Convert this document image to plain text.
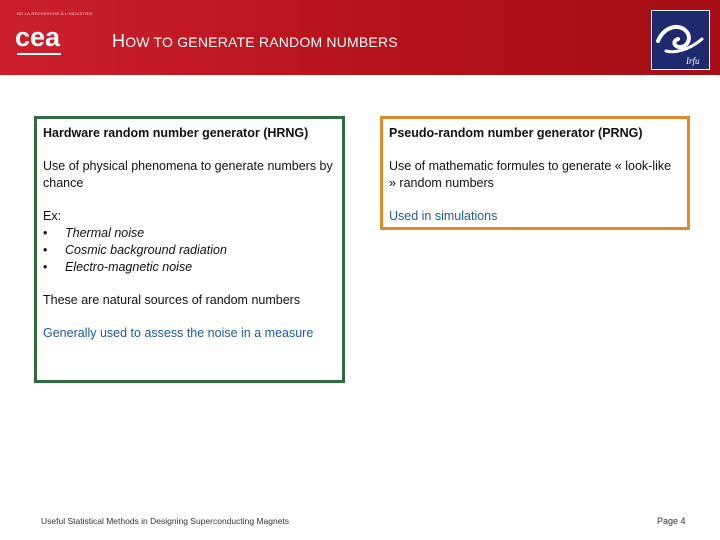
DE LA RECHERCHE À L'INDUSTRIE
cea	HOW TO GENERATE RANDOM NUMBERS
Irfu
Hardware random number generator (HRNG)
Use of physical phenomena to generate numbers by chance
Ex:
•	Thermal noise
•	Cosmic background radiation
•	Electro-magnetic noise
These are natural sources of random numbers
Generally used to assess the noise in a measure
Pseudo-random number generator (PRNG)
Use of mathematic formules to generate « look-like » random numbers
Used in simulations
Useful Statistical Methods in Designing Superconducting Magnets	Page 4
